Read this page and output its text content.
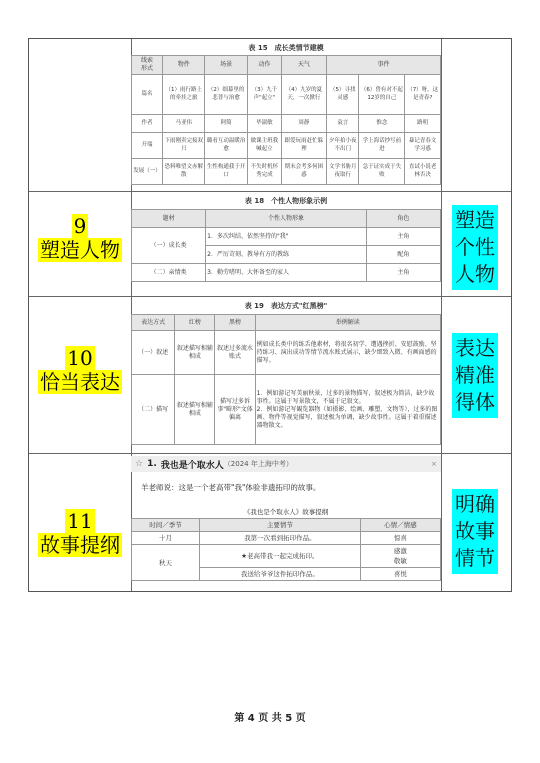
表 15　成长类情节建模
线索
形式	物件	场景	动作	天气	事件		
篇名	（1）雨行路上的牵挂之旅	（2）细幕里的悲普与治愈	（3）九千声"起立"	（4）九岁的夏天，一次掀行	（5）寻找灵感	（6）曾有对不起12岁的自己	（7）呀，这是青春?
作者	马亚伟	阿简	毕淑敏	周静	袁言	惟念	路明
开端	下雨刚卖完接双只	璐看互动温暖治愈	做课主班我喊起立	跟爱玩雨赶忙躲理	夕年拍小夜不出门	学上海话抄写前进	暴记青春文学习惑
发展（一）	恐料唯望文赤解散	生性构通我于开口	不失时机怀秀完成	期末会考多何困惑	文学书胁月夜取行	急于证实成于失败	直试小说老林否决
9
塑造人物
表 18　个性人物形象示例
题材	个性人物形象	角色
（一）成长类	1．多次纠结、依然坚持的"我"	主角
	2．严厉苛刻、教导有方的教练	配角
（二）亲情类	3．勤劳嗜明、大怀备至的家人	主角
塑造
个性
人物
10
恰当表达
表 19　表达方式"红黑榜"
表达方式	红榜	黑榜	举例解读
（一）叙述	叙述描写相辅相成	叙述过多流水账式	例如成长类中的练舌他素材，将很名初学、遭遇挫折、安慰鼓励、坚持练习、演出成功等情节流水账式展示，缺少细致入微、有画面感的描写。
（二）描写	叙述描写相辅相成	描写过多诉事"畸形"文体偏离	1．例如游记写美丽秋景，过多的景物描写，叙述极为简洁，缺少故事性。这属于写景散文，不属于记叙文。
2．例如游记写観览器物（如摄影、绘画、雕塑、文物等），过多的图画、物件等视觉描写，叙述极为单调，缺少故事性。这属于着重描述器物散文。
表达
精准
得体
11
故事提纲
☆ 1. 我也是个取水人 （2024 年上海中考）	×
羊老师说：这是一个老高带"我"体验非遗拓印的故事。
《我也是个取水人》故事提纲
时间／季节	主要情节	心情／情感
十月	我第一次看到拓印作品。	惊喜
秋天	★老高带我一起完成拓印。	感激
敬敏
	我送给爷爷这件拓印作品。	喜悦
明确
故事
情节
第 4 页 共 5 页
